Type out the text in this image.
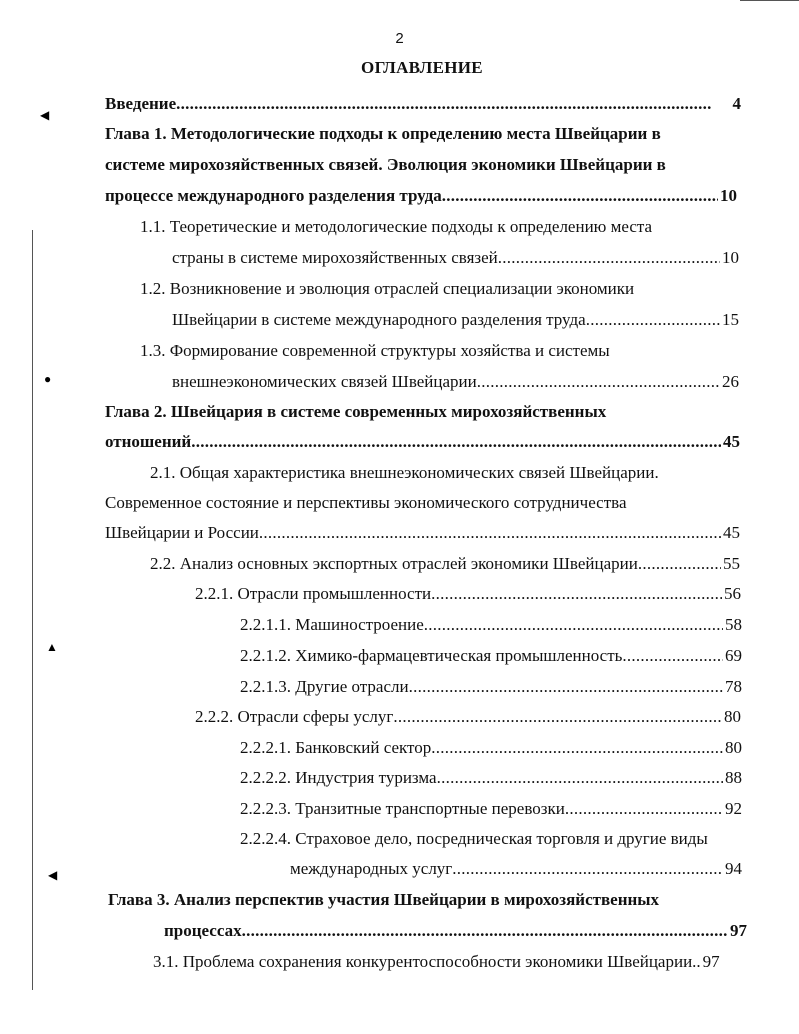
2
ОГЛАВЛЕНИЕ
Введение . . .	4
Глава 1. Методологические подходы к определению места Швейцарии в
системе мирохозяйственных связей. Эволюция экономики Швейцарии в
процессе международного разделения труда . . .	10
1.1. Теоретические и методологические подходы к определению места
страны в системе мирохозяйственных связей . . .	10
1.2. Возникновение и эволюция отраслей специализации экономики
Швейцарии в системе международного разделения труда . . .	15
1.3. Формирование современной структуры хозяйства и системы
внешнеэкономических связей Швейцарии . . .	26
Глава 2. Швейцария в системе современных мирохозяйственных
отношений . . .	45
2.1. Общая характеристика внешнеэкономических связей Швейцарии.
Современное состояние и перспективы экономического сотрудничества
Швейцарии и России . . .	45
2.2. Анализ основных экспортных отраслей экономики Швейцарии . . .	55
2.2.1. Отрасли промышленности . . .	56
2.2.1.1. Машиностроение . . .	58
2.2.1.2. Химико-фармацевтическая промышленность . . .	69
2.2.1.3. Другие отрасли . . .	78
2.2.2. Отрасли сферы услуг . . .	80
2.2.2.1. Банковский сектор . . .	80
2.2.2.2. Индустрия туризма . . .	88
2.2.2.3. Транзитные транспортные перевозки . . .	92
2.2.2.4. Страховое дело, посредническая торговля и другие виды
международных услуг . . .	94
Глава 3. Анализ перспектив участия Швейцарии в мирохозяйственных
процессах . . .	97
3.1. Проблема сохранения конкурентоспособности экономики Швейцарии.. 97
◀
●
▲
◀
